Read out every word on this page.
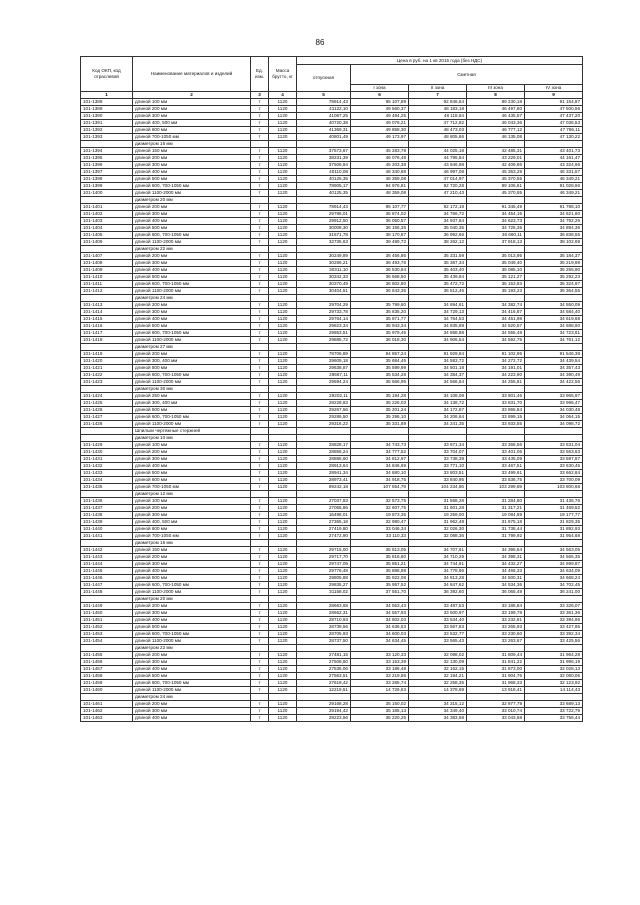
86
Код ОКП, код отраслевой	Наименование материалов и изделий	Ед. изм.	Масса брутто, кг	Цена в руб. на 1 кв 2015 года (без НДС)				
				отпускная	Сметная			
					I зона	II зона	III зона	IV зона
1	2	3	4	5	6	7	8	9
101-1386	длиной 100 мм	т	1120	78914,43	95 107,89	92 846,64	89 230,18	91 154,87
101-1389	длиной 200 мм	т	1120	41122,10	49 560,37	48 183,18	46 497,60	47 500,56
101-1390	длиной 300 мм	т	1120	41067,25	49 494,25	48 118,64	46 435,57	47 437,20
101-1391	длиной 400, 500 мм	т	1120	40720,38	49 076,21	47 712,82	46 043,36	47 036,53
101-1392	длиной 600 мм	т	1120	41369,31	49 858,30	48 473,03	46 777,12	47 786,11
101-1393	длиной 700-1050 мм	т	1120	40801,49	49 173,97	48 805,86	46 135,08	47 130,22
	диаметром 16 мм							
101-1394	длиной 150 мм	т	1120	37573,67	45 283,78	44 025,18	42 485,31	43 401,73
101-1395	длиной 200 мм	т	1120	38231,39	46 076,48	44 795,84	43 229,01	44 161,47
101-1396	длиной 300 мм	т	1120	37506,94	45 203,38	43 946,98	42 409,86	43 324,66
101-1397	длиной 400 мм	т	1120	40110,08	48 340,68	46 997,08	45 353,29	46 331,57
101-1398	длиной 500 мм	т	1120	40125,35	48 359,08	47 014,97	45 370,55	46 349,21
101-1399	длиной 600, 700-1050 мм	т	1120	78905,17	94 976,81	92 720,28	89 106,61	91 028,66
101-1400	длиной 1100-2000 мм	т	1120	40125,35	48 359,08	47 210,43	45 370,55	46 349,21
	диаметром 20 мм							
101-1401	длиной 200 мм	т	1120	78914,43	95 107,77	92 172,18	91 345,49	91 788,10
101-1402	длиной 300 мм	т	1120	29786,01	35 874,02	34 766,72	34 454,16	34 621,60
101-1403	длиной 400 мм	т	1120	29912,50	36 050,57	34 937,84	34 623,73	34 792,26
101-1404	длиной 500 мм	т	1120	30008,30	36 156,35	35 040,35	34 725,35	34 894,36
101-1405	длиной 600, 700-1050 мм	т	1120	31671,78	38 170,87	36 992,66	36 660,11	36 838,55
101-1406	длиной 1100-2000 мм	т	1120	32735,63	39 489,72	38 262,12	37 918,13	38 102,69
	диаметром 22 мм							
101-1407	длиной 200 мм	т	1120	30249,89	36 456,86	35 331,59	35 013,95	35 184,37
101-1408	длиной 300 мм	т	1120	30286,21	36 493,76	35 367,34	35 049,40	35 219,98
101-1409	длиной 400 мм	т	1120	30311,10	36 530,84	35 403,40	35 085,10	35 255,90
101-1410	длиной 500 мм	т	1120	30342,33	36 568,50	35 439,84	35 121,27	35 292,23
101-1411	длиной 600, 700-1050 мм	т	1120	30370,49	36 602,50	35 472,72	35 153,83	35 324,97
101-1412	длиной 1100-2000 мм	т	1120	30404,51	36 643,35	35 512,46	35 193,23	35 364,55
	диаметром 24 мм							
101-1413	длиной 200 мм	т	1120	29704,29	35 799,60	34 694,61	34 382,74	34 550,09
101-1414	длиной 300 мм	т	1120	29733,78	35 835,20	34 729,13	34 416,87	34 584,40
101-1415	длиной 400 мм	т	1120	29764,14	35 871,77	34 764,53	34 451,98	34 619,68
101-1416	длиной 500 мм	т	1120	29823,34	35 943,34	34 835,89	34 520,57	34 688,60
101-1417	длиной 600, 700-1050 мм	т	1120	29853,51	35 979,45	34 868,88	34 555,48	34 723,61
101-1418	длиной 1100-2000 мм	т	1120	29885,72	36 018,30	34 906,54	34 592,75	34 761,12
	диаметром 27 мм							
101-1419	длиной 200 мм	т	1120	78706,89	94 857,24	91 929,84	91 102,95	91 546,38
101-1420	длиной 300, 400 мм	т	1120	29609,18	35 684,45	34 583,72	34 272,72	34 439,54
101-1421	длиной 500 мм	т	1120	29638,87	35 599,99	34 501,18	34 191,01	34 357,43
101-1422	длиной 600, 700-1050 мм	т	1120	29567,11	35 534,28	34 384,37	34 223,90	34 390,49
101-1423	длиной 1100-2000 мм	т	1120	29594,24	35 666,95	34 566,64	34 255,81	34 422,56
	диаметром 30 мм							
101-1424	длиной 250 мм	т	1120	29202,11	35 194,28	34 108,08	33 801,46	33 965,97
101-1425	длиной 300, 400 мм	т	1120	29228,83	35 226,03	34 138,72	33 831,70	33 996,47
101-1426	длиной 500 мм	т	1120	29267,56	35 201,24	34 172,67	33 865,84	34 030,48
101-1427	длиной 600, 700-1050 мм	т	1120	29286,50	35 296,10	34 206,64	33 899,15	34 064,15
101-1428	длиной 1100-2000 мм	т	1120	29316,22	35 331,89	34 241,35	33 933,55	34 098,72
	Шпильки чертежные стержней							
	диаметром 10 мм							
101-1429	длиной 100 мм	т	1120	28828,17	34 743,73	33 671,34	33 368,56	33 531,04
101-1430	длиной 200 мм	т	1120	28856,24	34 777,52	33 704,07	33 401,06	33 563,63
101-1431	длиной 300 мм	т	1120	28885,60	34 812,97	33 738,39	33 435,09	33 597,87
101-1432	длиной 400 мм	т	1120	28913,64	34 846,69	33 771,10	33 467,51	33 630,45
101-1433	длиной 500 мм	т	1120	28941,34	34 880,10	33 803,51	33 499,61	33 662,84
101-1434	длиной 600 мм	т	1120	28973,41	34 918,75	33 840,95	33 536,75	33 700,09
101-1435	длиной 700-1050 мм	т	1120	89242,18	107 554,79	104 234,86	103 299,69	103 800,68
	диаметром 12 мм							
101-1436	длиной 100 мм	т	1120	27037,83	32 573,75	31 568,28	31 284,80	31 436,76
101-1437	длиной 200 мм	т	1120	27065,86	32 607,75	31 601,28	31 317,21	31 469,52
101-1438	длиной 300 мм	т	1120	16498,01	19 873,35	19 259,00	19 084,89	19 177,77
101-1439	длиной 400, 500 мм	т	1120	27365,18	32 980,47	31 962,48	31 675,18	31 829,35
101-1440	длиной 600 мм	т	1120	27419,80	33 046,34	32 026,30	31 738,44	31 892,93
101-1441	длиной 700-1050 мм	т	1120	27472,90	33 110,33	32 088,36	31 799,92	31 954,68
	диаметром 16 мм							
101-1442	длиной 150 мм	т	1120	29715,00	35 813,05	34 707,61	34 395,64	34 563,05
101-1443	длиной 200 мм	т	1120	29717,70	35 816,80	34 710,29	34 398,31	34 565,35
101-1444	длиной 300 мм	т	1120	29747,09	35 851,21	34 744,61	34 432,27	34 599,87
101-1445	длиной 400 мм	т	1120	29776,48	35 886,98	34 778,96	34 466,33	34 634,09
101-1446	длиной 500 мм	т	1120	29805,88	35 922,08	34 813,28	34 500,31	34 668,24
101-1447	длиной 600, 700-1050 мм	т	1120	29835,27	35 957,52	34 847,62	34 534,36	34 702,45
101-1448	длиной 1100-2000 мм	т	1120	31158,02	37 551,70	36 392,60	36 065,49	36 241,00
	диаметром 20 мм							
101-1449	длиной 200 мм	т	1120	28663,68	34 553,43	33 487,53	33 186,84	33 326,07
101-1450	длиной 300 мм	т	1120	28662,31	34 557,93	33 500,97	33 199,78	33 361,36
101-1451	длиной 400 мм	т	1120	28710,93	34 602,03	33 534,40	33 232,81	33 394,66
101-1452	длиной 500 мм	т	1120	28739,56	34 636,53	33 567,83	33 265,93	33 427,95
101-1453	длиной 600, 700-1050 мм	т	1120	28705,93	34 600,03	33 532,77	33 230,60	33 392,34
101-1454	длиной 1100-2000 мм	т	1120	28737,50	34 634,45	33 565,43	33 263,67	33 425,56
	диаметром 22 мм							
101-1455	длиной 200 мм	т	1120	27481,15	33 120,33	32 098,02	31 809,44	31 964,28
101-1456	длиной 300 мм	т	1120	27508,60	33 153,39	32 130,09	31 841,22	31 996,19
101-1457	длиной 400 мм	т	1120	27536,06	33 186,48	32 162,15	31 873,00	32 028,13
101-1458	длиной 500 мм	т	1120	27563,51	33 219,56	32 194,21	31 904,76	32 060,06
101-1459	длиной 600, 700-1050 мм	т	1120	27618,42	33 285,74	32 258,35	31 968,33	32 123,92
101-1460	длиной 1100-2000 мм	т	1120	12219,51	14 726,63	14 378,69	13 918,41	14 114,43
	диаметром 24 мм							
101-1461	длиной 200 мм	т	1120	29168,28	35 150,02	34 315,12	32 977,79	33 689,13
101-1462	длиной 300 мм	т	1120	29194,42	35 185,13	34 349,40	33 010,74	33 722,79
101-1463	длиной 400 мм	т	1120	29223,56	35 220,25	34 383,68	33 043,68	33 756,44
